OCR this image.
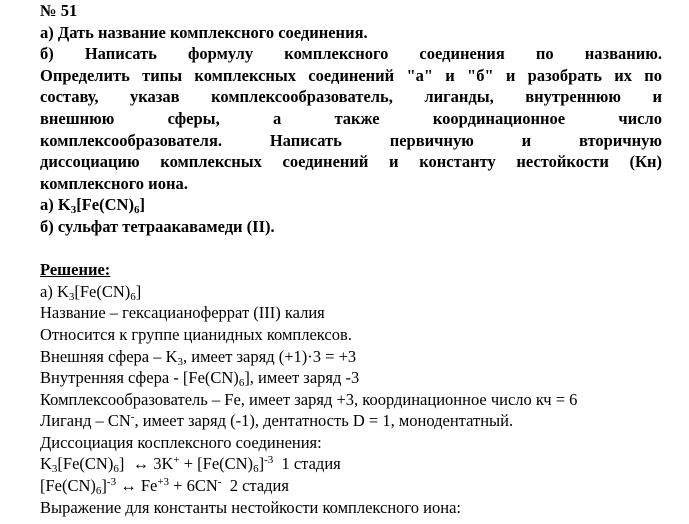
№ 51
а) Дать название комплексного соединения.
б) Написать формулу комплексного соединения по названию.
Определить типы комплексных соединений "а" и "б" и разобрать их по
составу, указав комплексообразователь, лиганды, внутреннюю и
внешнюю сферы, а также координационное число
комплексообразователя. Написать первичную и вторичную
диссоциацию комплексных соединений и константу нестойкости (Кн)
комплексного иона.
а) $K_3[Fe(CN)_6]$
б) сульфат тетраакавамеди (II).
Решение:
а) $K_3[Fe(CN)_6]$
Название – гексацианоферрат (III) калия
Относится к группе цианидных комплексов.
Внешняя сфера – $K_3$, имеет заряд (+1)·3 = +3
Внутренняя сфера - $[Fe(CN)_6]$, имеет заряд -3
Комплексообразователь – Fe, имеет заряд +3, координационное число кч = 6
Лиганд – CN-, имеет заряд (-1), дентатность D = 1, монодентатный.
Диссоциация косплексного соединения:
$K_3[Fe(CN)_6]$  ↔ $3K^+ + [Fe(CN)_6]^{-3}$ 1 стадия
$[Fe(CN)_6]^{-3}$ ↔ $Fe^{+3} + 6CN^-$ 2 стадия
Выражение для константы нестойкости комплексного иона:
